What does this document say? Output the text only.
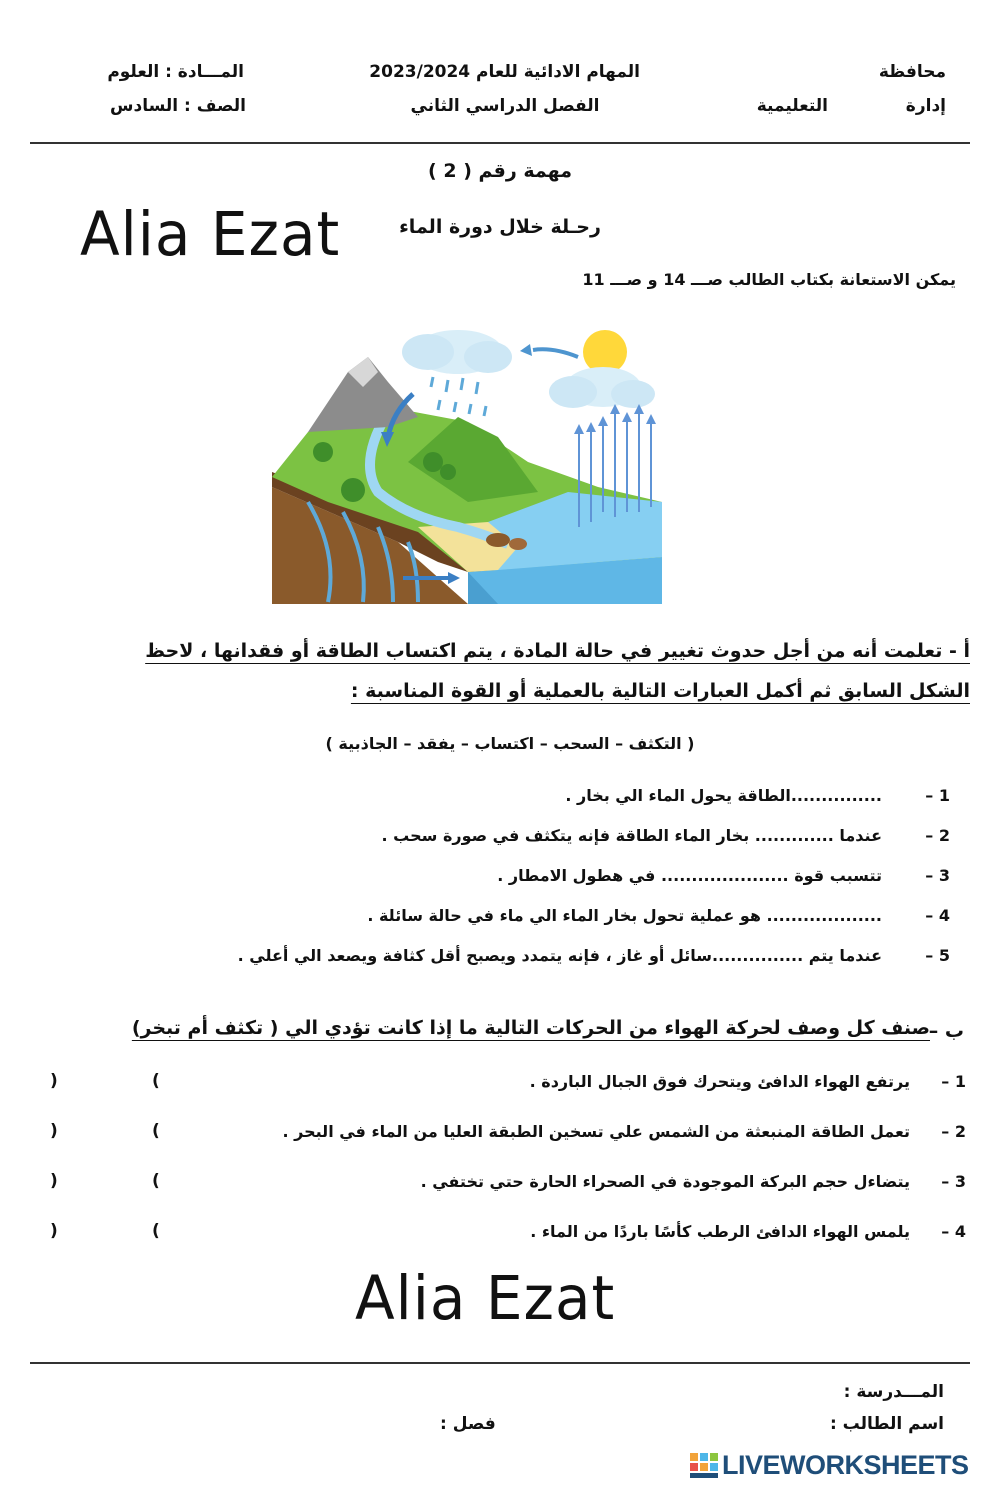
محافظة
إدارة
التعليمية
المهام الادائية للعام 2023/2024
الفصل الدراسي الثاني
المـــادة : العلوم
الصف : السادس
مهمة رقم ( 2 )
Alia Ezat	رحـلة خلال دورة الماء
يمكن الاستعانة بكتاب الطالب صـــ 14 و صـــ 11
أ - تعلمت أنه من أجل حدوث تغيير في حالة المادة ، يتم اكتساب الطاقة أو فقدانها ، لاحظ
الشكل السابق ثم أكمل العبارات التالية بالعملية أو القوة المناسبة :
( التكثف – السحب – اكتساب – يفقد – الجاذبية )
1 –
...............الطاقة يحول الماء الي بخار .
2 –
عندما ............. بخار الماء الطاقة فإنه يتكثف في صورة سحب .
3 –
تتسبب قوة ..................... في هطول الامطار .
4 –
................... هو عملية تحول بخار الماء الي ماء في حالة سائلة .
5 –
عندما يتم ...............سائل أو غاز ، فإنه يتمدد ويصبح أقل كثافة ويصعد الي أعلي .
ب –
صنف كل وصف لحركة الهواء من الحركات التالية ما إذا كانت تؤدي الي ( تكثف أم تبخر)
1 –
يرتفع الهواء الدافئ ويتحرك فوق الجبال الباردة .
(
)
2 –
تعمل الطاقة المنبعثة من الشمس علي تسخين الطبقة العليا من الماء في البحر .
(
)
3 –
يتضاءل حجم البركة الموجودة في الصحراء الحارة حتي تختفي .
(
)
4 –
يلمس الهواء الدافئ الرطب كأسًا باردًا من الماء .
(
)
Alia Ezat
المـــدرسة :
اسم الطالب :
فصل :
LIVEWORKSHEETS
